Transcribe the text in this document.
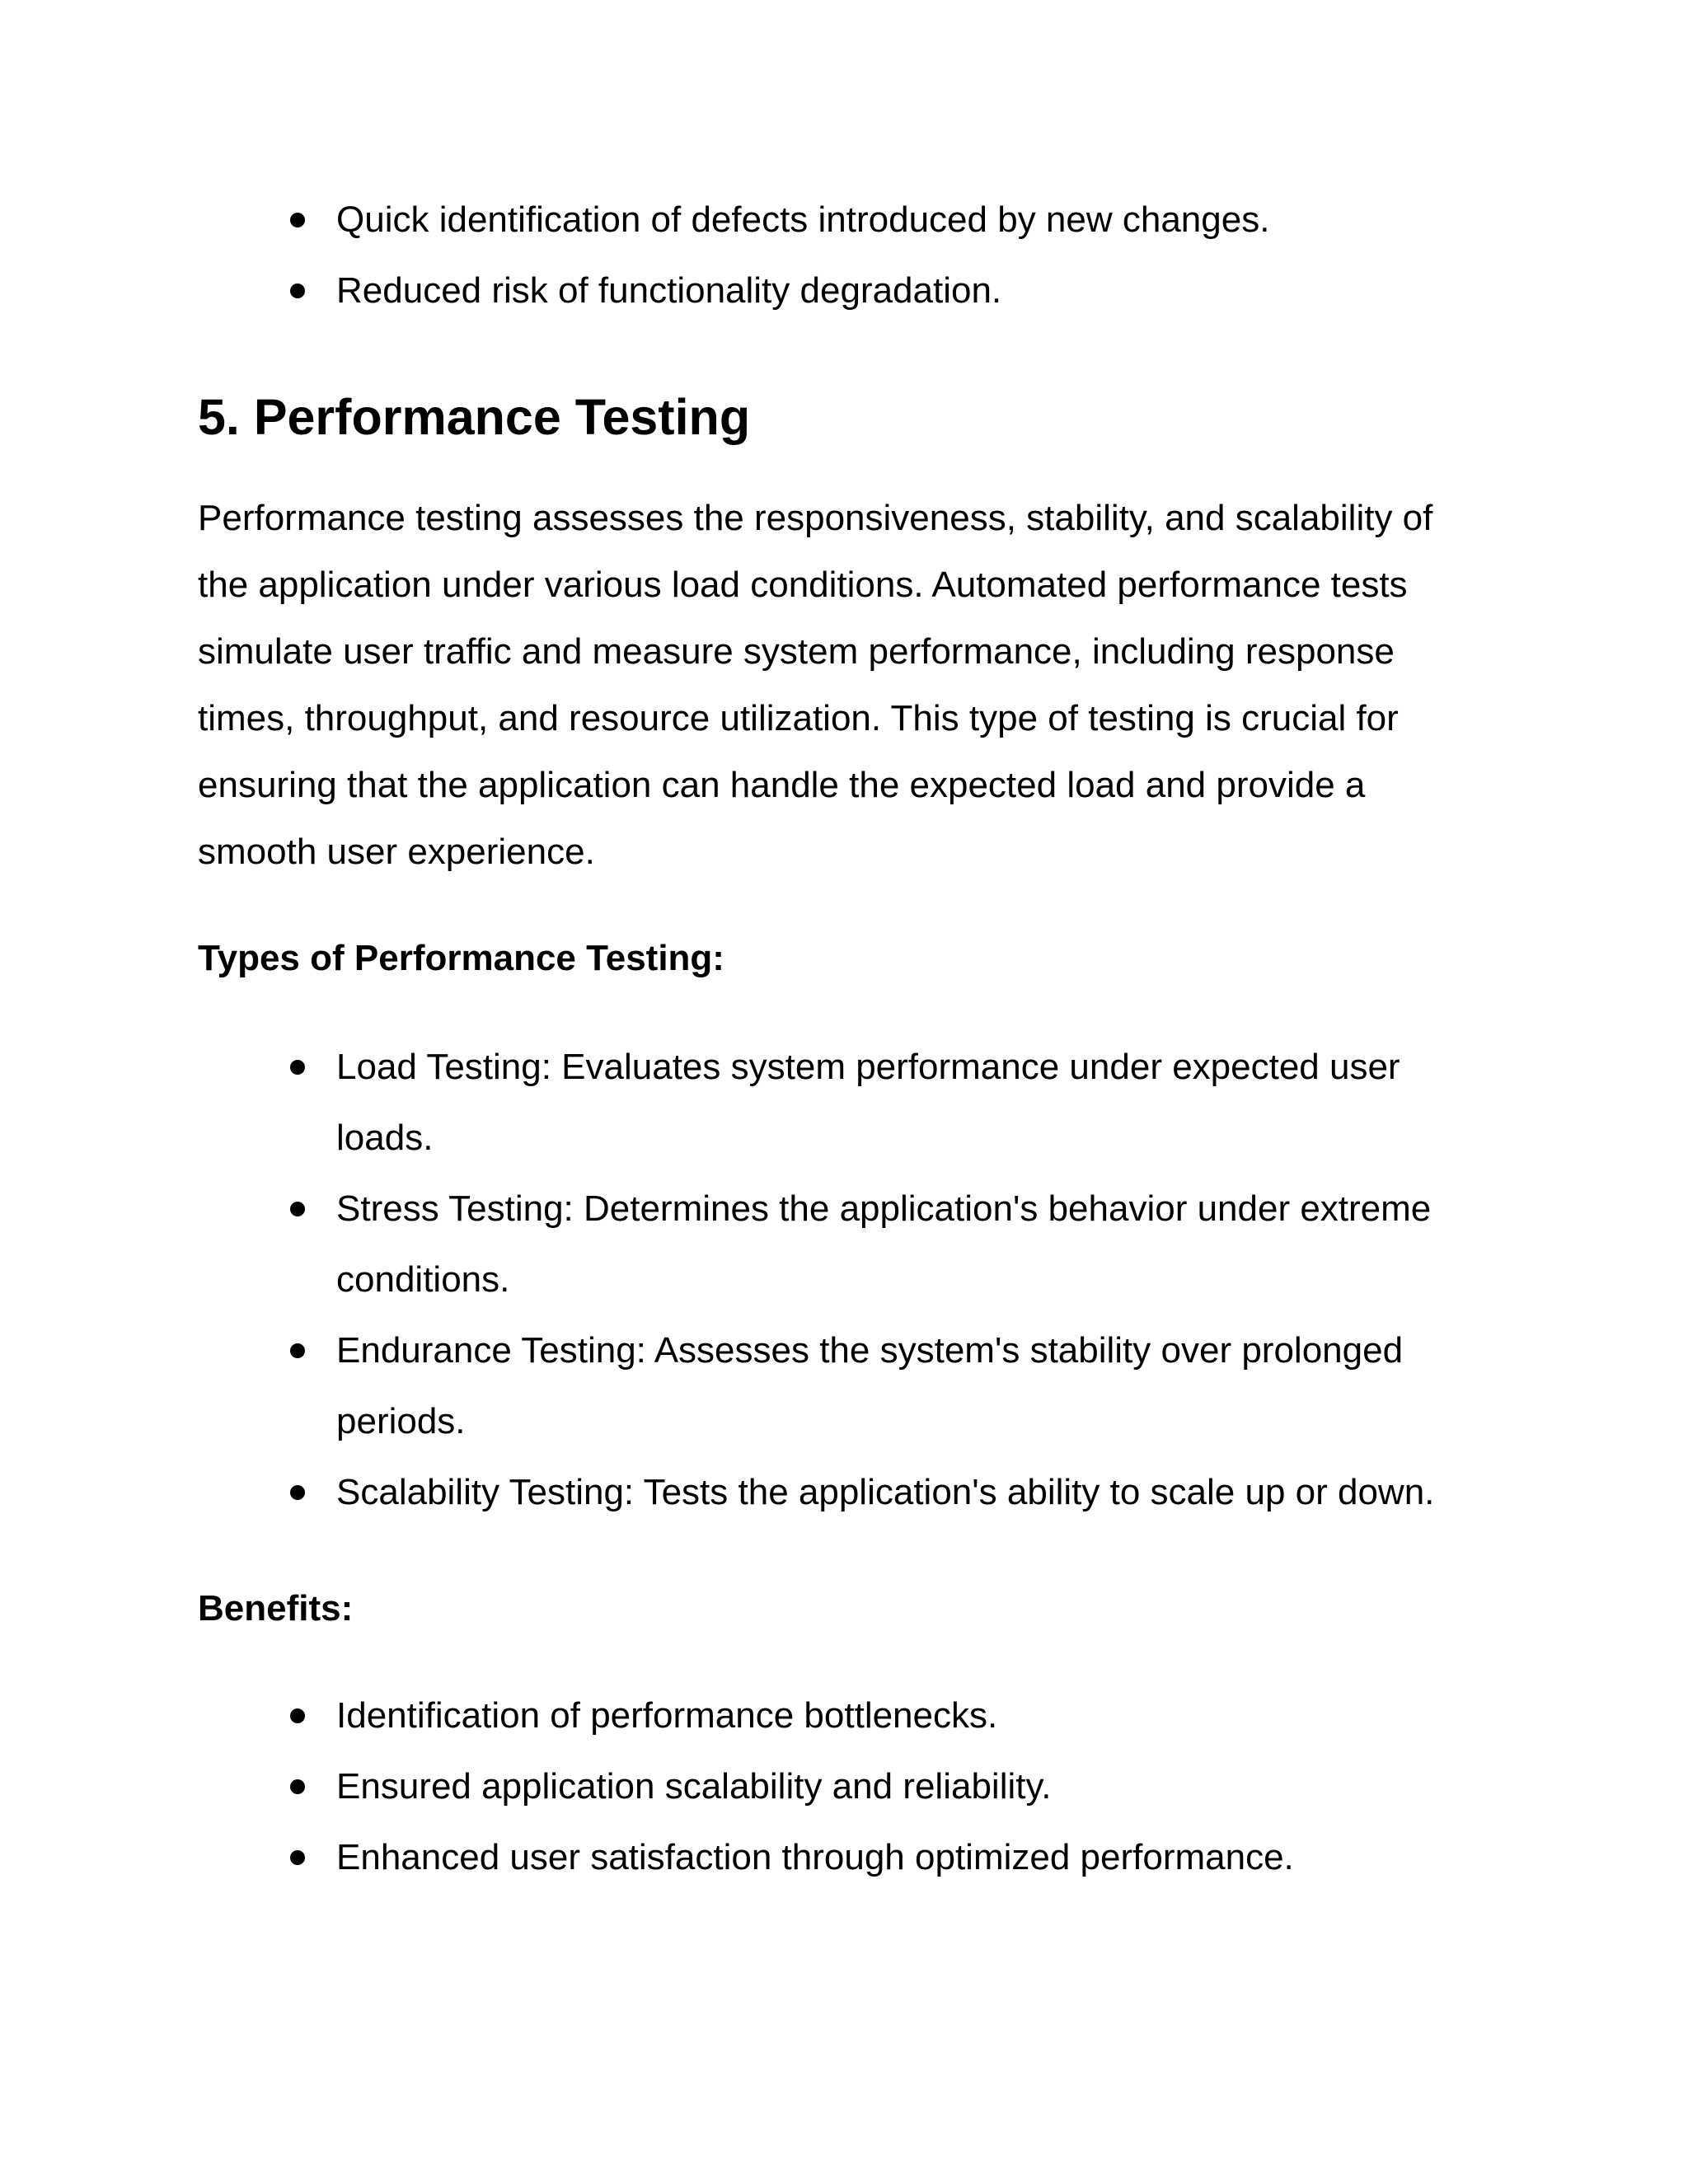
Quick identification of defects introduced by new changes.
Reduced risk of functionality degradation.
5. Performance Testing

Performance testing assesses the responsiveness, stability, and scalability of the application under various load conditions. Automated performance tests simulate user traffic and measure system performance, including response times, throughput, and resource utilization. This type of testing is crucial for ensuring that the application can handle the expected load and provide a smooth user experience.

Types of Performance Testing:

Load Testing: Evaluates system performance under expected user loads.
Stress Testing: Determines the application's behavior under extreme conditions.
Endurance Testing: Assesses the system's stability over prolonged periods.
Scalability Testing: Tests the application's ability to scale up or down.

Benefits:

Identification of performance bottlenecks.
Ensured application scalability and reliability.
Enhanced user satisfaction through optimized performance.
